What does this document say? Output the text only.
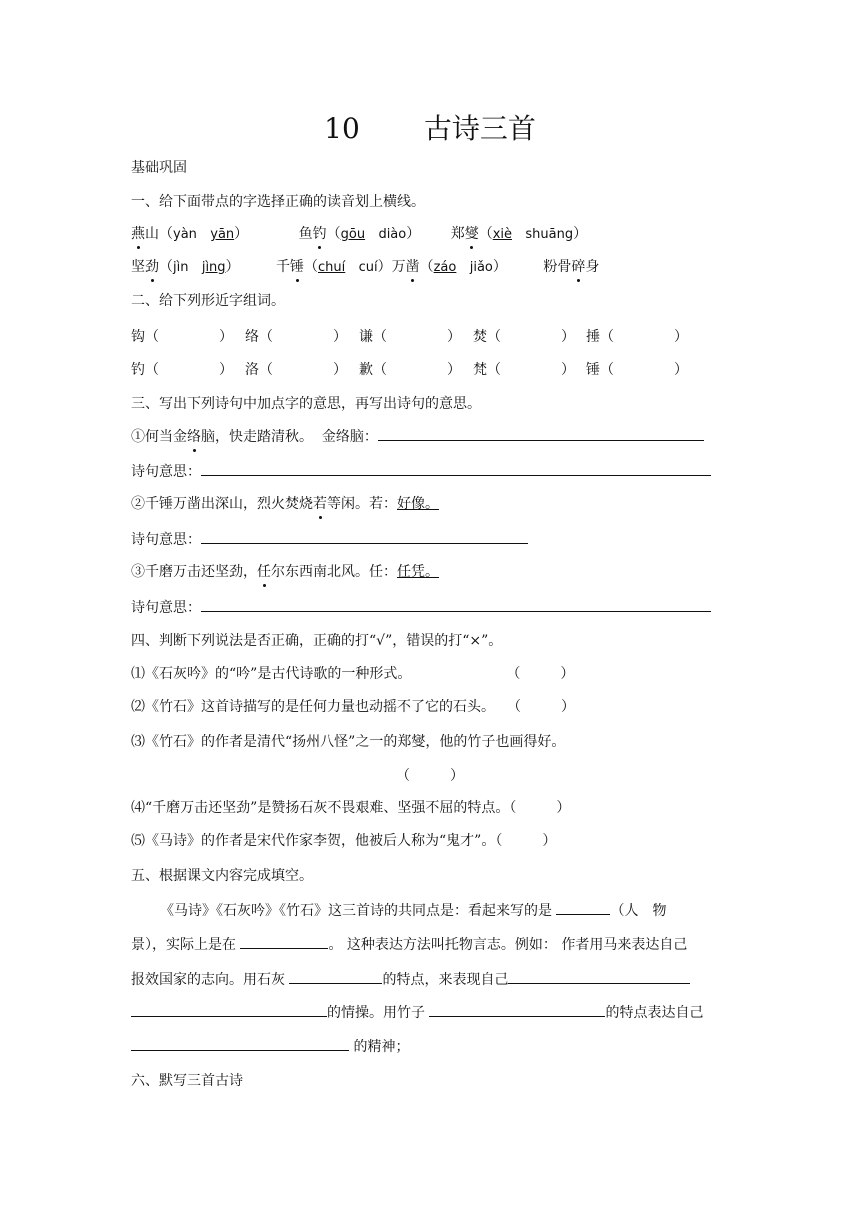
10 古诗三首
基础巩固
一、给下面带点的字选择正确的读音划上横线。
燕山（yàn yān）	鱼钓（gōu diào） 郑燮（xiè shuāng）
坚劲（jìn jìng）	千锤（chuí cuí）万凿（záo jiǎo）	粉骨碎身
二、给下列形近字组词。
钩（	） 络（	） 谦（	） 焚（	） 捶（	）
钓（	） 洛（	） 歉（	） 梵（	） 锤（	）
三、写出下列诗句中加点字的意思，再写出诗句的意思。
①何当金络脑，快走踏清秋。 金络脑：
诗句意思：
②千锤万凿出深山，烈火焚烧若等闲。若：好像。
诗句意思：
③千磨万击还坚劲，任尔东西南北风。任：任凭。
诗句意思：
四、判断下列说法是否正确，正确的打“√”，错误的打“×”。
⑴《石灰吟》的“吟”是古代诗歌的一种形式。	（	）
⑵《竹石》这首诗描写的是任何力量也动摇不了它的石头。 （	）
⑶《竹石》的作者是清代“扬州八怪”之一的郑燮，他的竹子也画得好。
（	）
⑷“千磨万击还坚劲”是赞扬石灰不畏艰难、坚强不屈的特点。（	）
⑸《马诗》的作者是宋代作家李贺，他被后人称为“鬼才”。（	）
五、根据课文内容完成填空。
《马诗》《石灰吟》《竹石》这三首诗的共同点是：看起来写的是	（人　物
景），实际上是在	。 这种表达方法叫托物言志。例如： 作者用马来表达自己
报效国家的志向。用石灰	的特点，来表现自己
的情操。用竹子	的特点表达自己
的精神；
六、默写三首古诗
